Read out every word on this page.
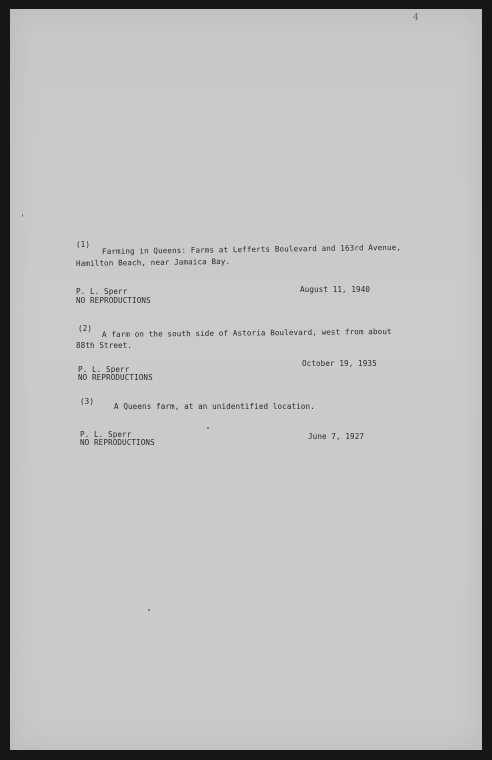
4
(1) Farming in Queens: Farms at Lefferts Boulevard and 163rd Avenue,
Hamilton Beach, near Jamaica Bay.
August 11, 1940
P. L. Sperr
NO REPRODUCTIONS
(2) A farm on the south side of Astoria Boulevard, west from about
88th Street.
October 19, 1935
P. L. Sperr
NO REPRODUCTIONS
(3)
A Queens farm, at an unidentified location.
June 7, 1927
P. L. Sperr
NO REPRODUCTIONS
